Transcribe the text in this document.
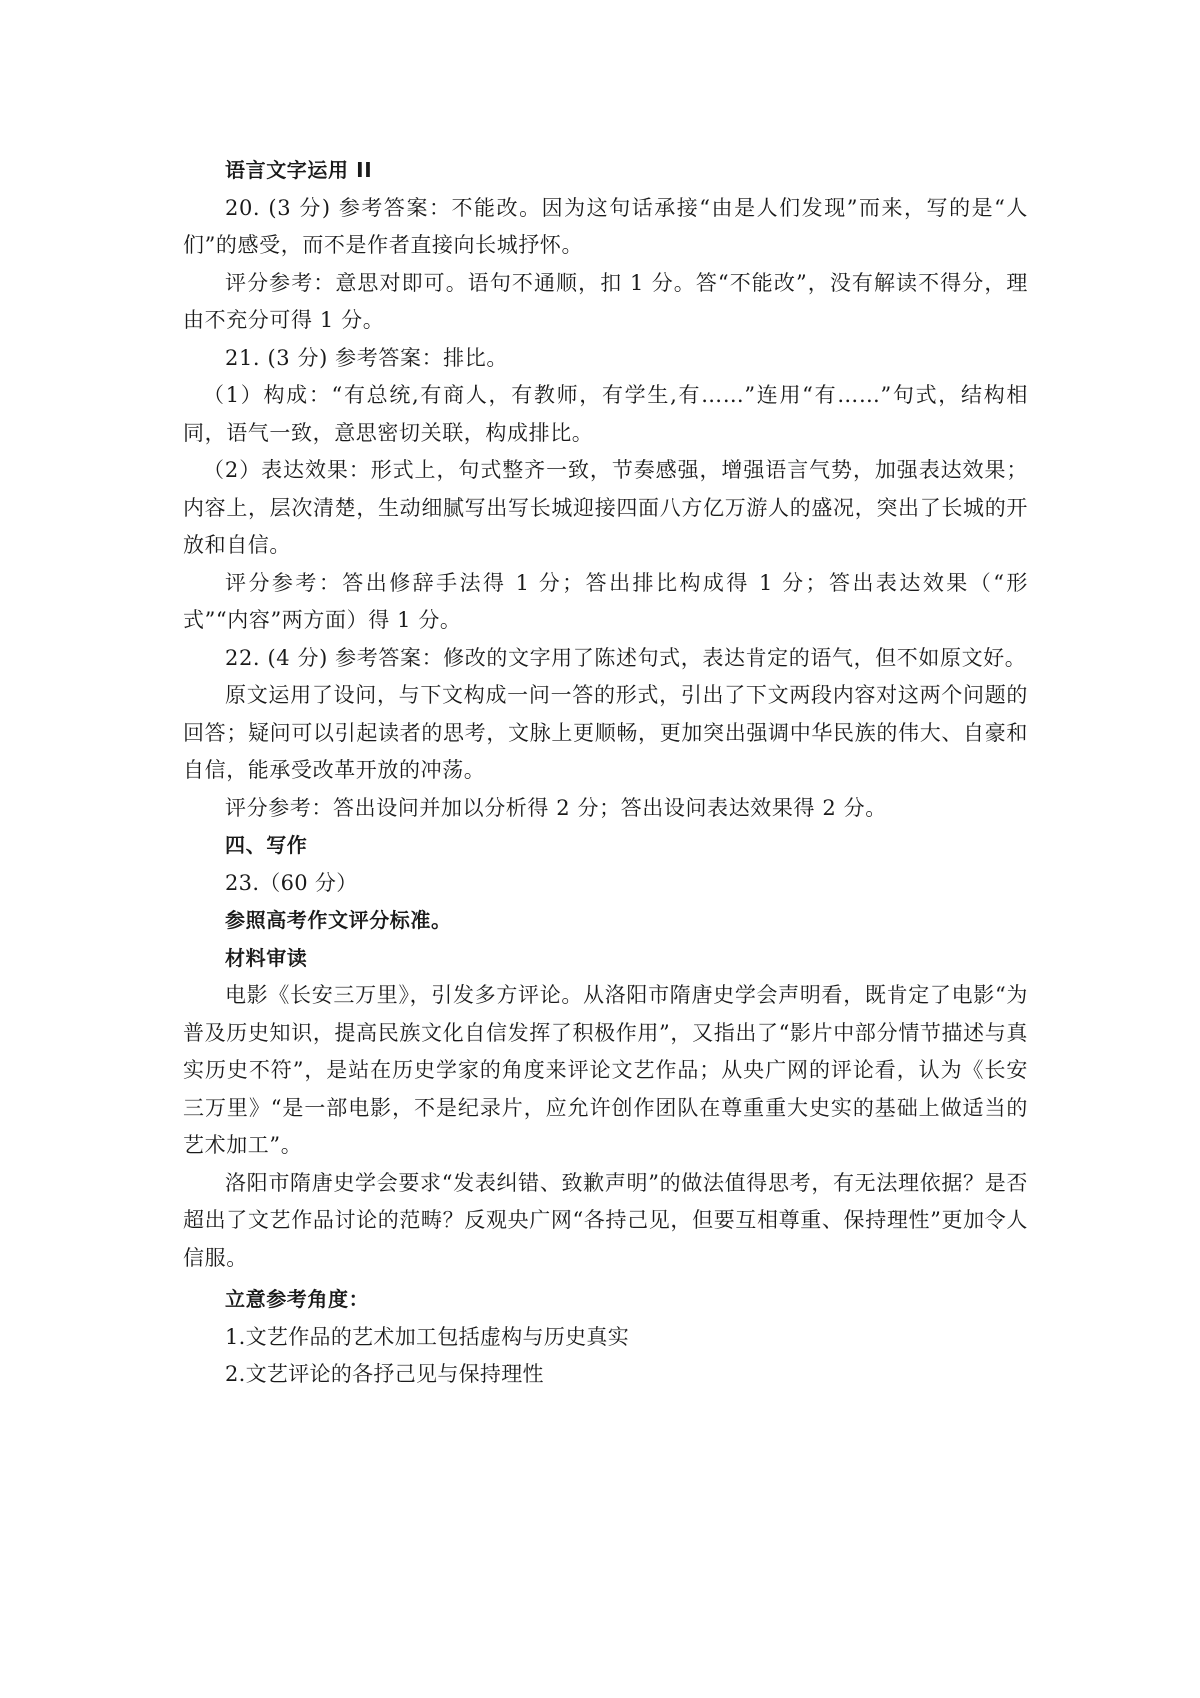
语言文字运用 II

20. (3 分) 参考答案：不能改。因为这句话承接“由是人们发现”而来，写的是“人们”的感受，而不是作者直接向长城抒怀。

评分参考：意思对即可。语句不通顺，扣 1 分。答“不能改”，没有解读不得分，理由不充分可得 1 分。

21. (3 分) 参考答案：排比。

（1）构成：“有总统,有商人，有教师，有学生,有……”连用“有……”句式，结构相同，语气一致，意思密切关联，构成排比。

（2）表达效果：形式上，句式整齐一致，节奏感强，增强语言气势，加强表达效果；内容上，层次清楚，生动细腻写出写长城迎接四面八方亿万游人的盛况，突出了长城的开放和自信。

评分参考：答出修辞手法得 1 分；答出排比构成得 1 分；答出表达效果（“形式”“内容”两方面）得 1 分。

22. (4 分) 参考答案：修改的文字用了陈述句式，表达肯定的语气，但不如原文好。

原文运用了设问，与下文构成一问一答的形式，引出了下文两段内容对这两个问题的回答；疑问可以引起读者的思考，文脉上更顺畅，更加突出强调中华民族的伟大、自豪和自信，能承受改革开放的冲荡。

评分参考：答出设问并加以分析得 2 分；答出设问表达效果得 2 分。

四、写作

23.（60 分）

参照高考作文评分标准。

材料审读

电影《长安三万里》，引发多方评论。从洛阳市隋唐史学会声明看，既肯定了电影“为普及历史知识，提高民族文化自信发挥了积极作用”，又指出了“影片中部分情节描述与真实历史不符”，是站在历史学家的角度来评论文艺作品；从央广网的评论看，认为《长安三万里》“是一部电影，不是纪录片，应允许创作团队在尊重重大史实的基础上做适当的艺术加工”。

洛阳市隋唐史学会要求“发表纠错、致歉声明”的做法值得思考，有无法理依据？是否超出了文艺作品讨论的范畴？反观央广网“各持己见，但要互相尊重、保持理性”更加令人信服。

立意参考角度：

1.文艺作品的艺术加工包括虚构与历史真实

2.文艺评论的各抒己见与保持理性
